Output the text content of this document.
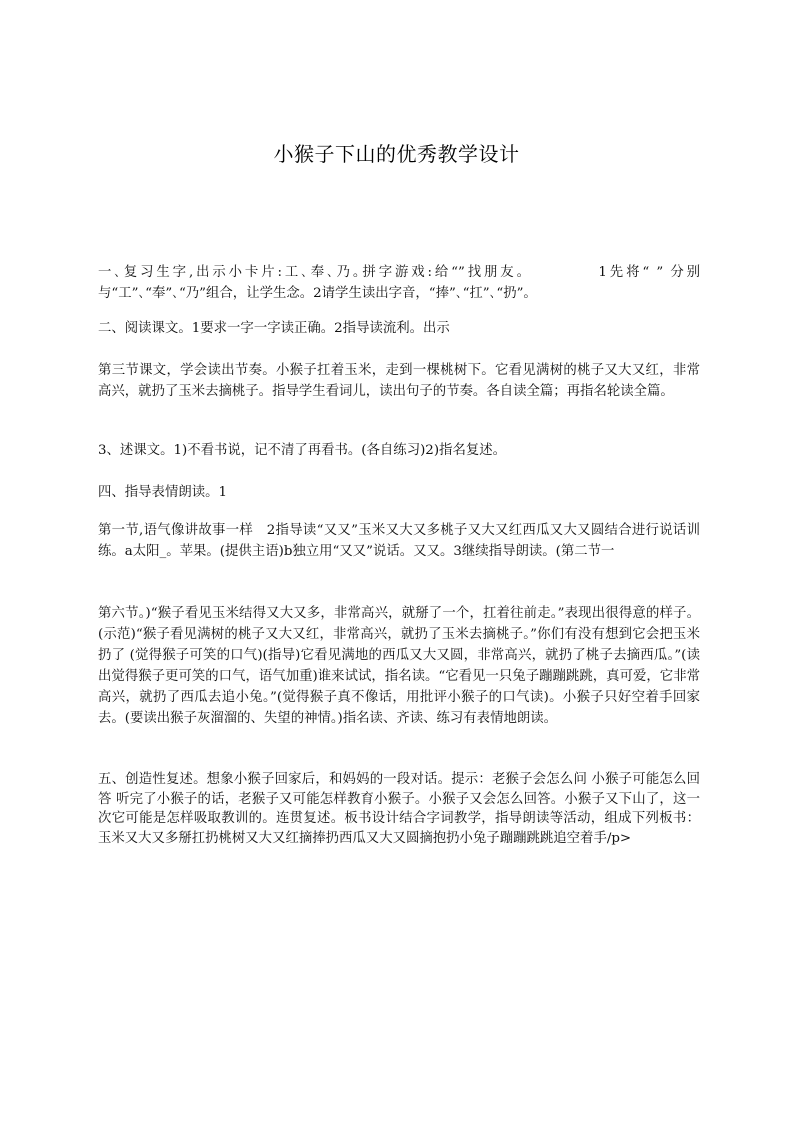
小猴子下山的优秀教学设计

一､复习生字,出示小卡片:工､奉､乃｡拼字游戏:给“”找朋友｡ 　　　　1先将“ ” 分别与“工”､“奉”､“乃”组合，让学生念。2请学生读出字音，“捧”､“扛”､“扔”｡

二、阅读课文。1要求一字一字读正确。2指导读流利。出示

第三节课文，学会读出节奏。小猴子扛着玉米，走到一棵桃树下。它看见满树的桃子又大又红，非常高兴，就扔了玉米去摘桃子。指导学生看词儿，读出句子的节奏。各自读全篇；再指名轮读全篇。

3、述课文。1)不看书说，记不清了再看书。(各自练习)2)指名复述。

四、指导表情朗读。1

第一节,语气像讲故事一样　2指导读“又又”玉米又大又多桃子又大又红西瓜又大又圆结合进行说话训练。a太阳_。苹果。(提供主语)b独立用“又又”说话。又又。3继续指导朗读。(第二节一

第六节。)“猴子看见玉米结得又大又多，非常高兴，就掰了一个，扛着往前走。”表现出很得意的样子。(示范)“猴子看见满树的桃子又大又红，非常高兴，就扔了玉米去摘桃子。”你们有没有想到它会把玉米扔了 (觉得猴子可笑的口气)(指导)它看见满地的西瓜又大又圆，非常高兴，就扔了桃子去摘西瓜。”(读出觉得猴子更可笑的口气，语气加重)谁来试试，指名读。“它看见一只兔子蹦蹦跳跳，真可爱，它非常高兴，就扔了西瓜去追小兔。”(觉得猴子真不像话，用批评小猴子的口气读)。小猴子只好空着手回家去。(要读出猴子灰溜溜的、失望的神情。)指名读、齐读、练习有表情地朗读。

五、创造性复述。想象小猴子回家后，和妈妈的一段对话。提示：老猴子会怎么问 小猴子可能怎么回答 听完了小猴子的话，老猴子又可能怎样教育小猴子。小猴子又会怎么回答。小猴子又下山了，这一次它可能是怎样吸取教训的。连贯复述。板书设计结合字词教学，指导朗读等活动，组成下列板书：玉米又大又多掰扛扔桃树又大又红摘捧扔西瓜又大又圆摘抱扔小兔子蹦蹦跳跳追空着手/p>
